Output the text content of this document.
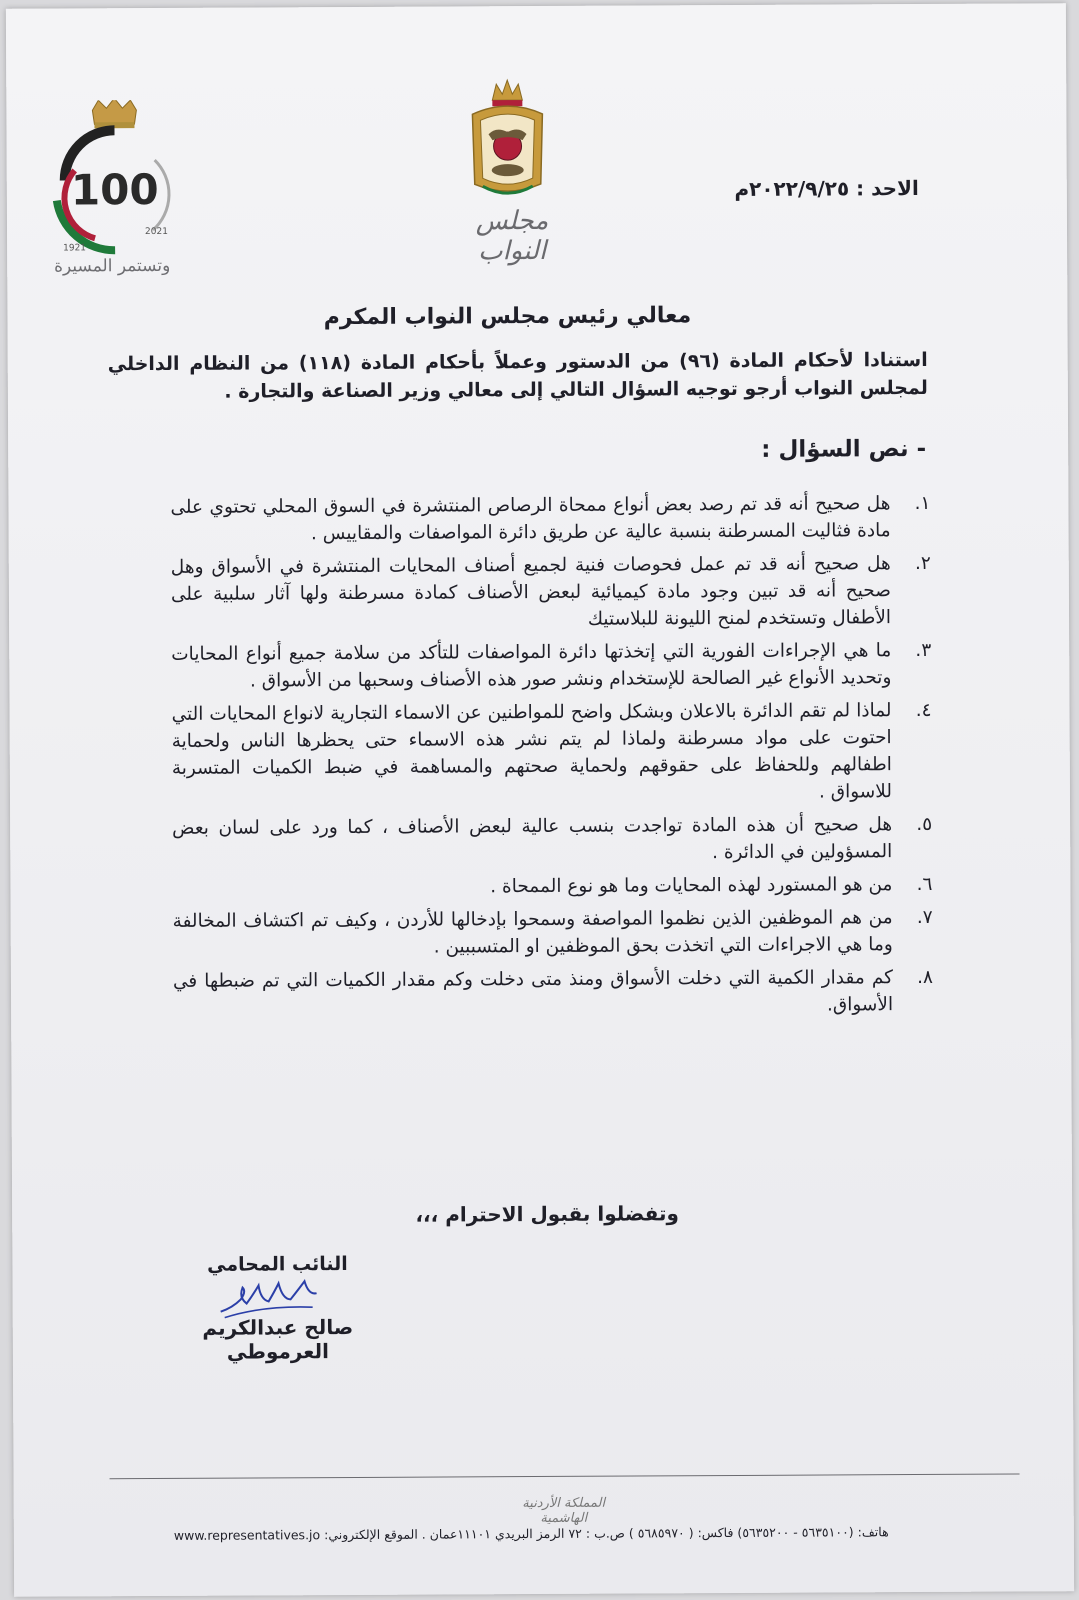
مجلس النواب
100
1921
2021
وتستمر المسيرة
الاحد : ٢٠٢٢/٩/٢٥م
معالي رئيس مجلس النواب المكرم
استنادا لأحكام المادة (٩٦) من الدستور وعملاً بأحكام المادة (١١٨) من النظام الداخلي لمجلس النواب أرجو توجيه السؤال التالي إلى معالي وزير الصناعة والتجارة .
- نص السؤال :
١.
هل صحيح أنه قد تم رصد بعض أنواع ممحاة الرصاص المنتشرة في السوق المحلي تحتوي على مادة فثاليت المسرطنة بنسبة عالية عن طريق دائرة المواصفات والمقاييس .
٢.
هل صحيح أنه قد تم عمل فحوصات فنية لجميع أصناف المحايات المنتشرة في الأسواق وهل صحيح أنه قد تبين وجود مادة كيميائية لبعض الأصناف كمادة مسرطنة ولها آثار سلبية على الأطفال وتستخدم لمنح الليونة للبلاستيك
٣.
ما هي الإجراءات الفورية التي إتخذتها دائرة المواصفات للتأكد من سلامة جميع أنواع المحايات وتحديد الأنواع غير الصالحة للإستخدام ونشر صور هذه الأصناف وسحبها من الأسواق .
٤.
لماذا لم تقم الدائرة بالاعلان وبشكل واضح للمواطنين عن الاسماء التجارية لانواع المحايات التي احتوت على مواد مسرطنة ولماذا لم يتم نشر هذه الاسماء حتى يحظرها الناس ولحماية اطفالهم وللحفاظ على حقوقهم ولحماية صحتهم والمساهمة في ضبط الكميات المتسربة للاسواق .
٥.
هل صحيح أن هذه المادة تواجدت بنسب عالية لبعض الأصناف ، كما ورد على لسان بعض المسؤولين في الدائرة .
٦.
من هو المستورد لهذه المحايات وما هو نوع الممحاة .
٧.
من هم الموظفين الذين نظموا المواصفة وسمحوا بإدخالها للأردن ، وكيف تم اكتشاف المخالفة وما هي الاجراءات التي اتخذت بحق الموظفين او المتسببين .
٨.
كم مقدار الكمية التي دخلت الأسواق ومنذ متى دخلت وكم مقدار الكميات التي تم ضبطها في الأسواق.
وتفضلوا بقبول الاحترام ،،،
النائب المحامي
صالح عبدالكريم العرموطي
المملكة الأردنية الهاشمية
هاتف: (٥٦٣٥١٠٠ - ٥٦٣٥٢٠٠) فاكس: ( ٥٦٨٥٩٧٠ ) ص.ب : ٧٢ الرمز البريدي ١١١٠١عمان . الموقع الإلكتروني: www.representatives.jo
